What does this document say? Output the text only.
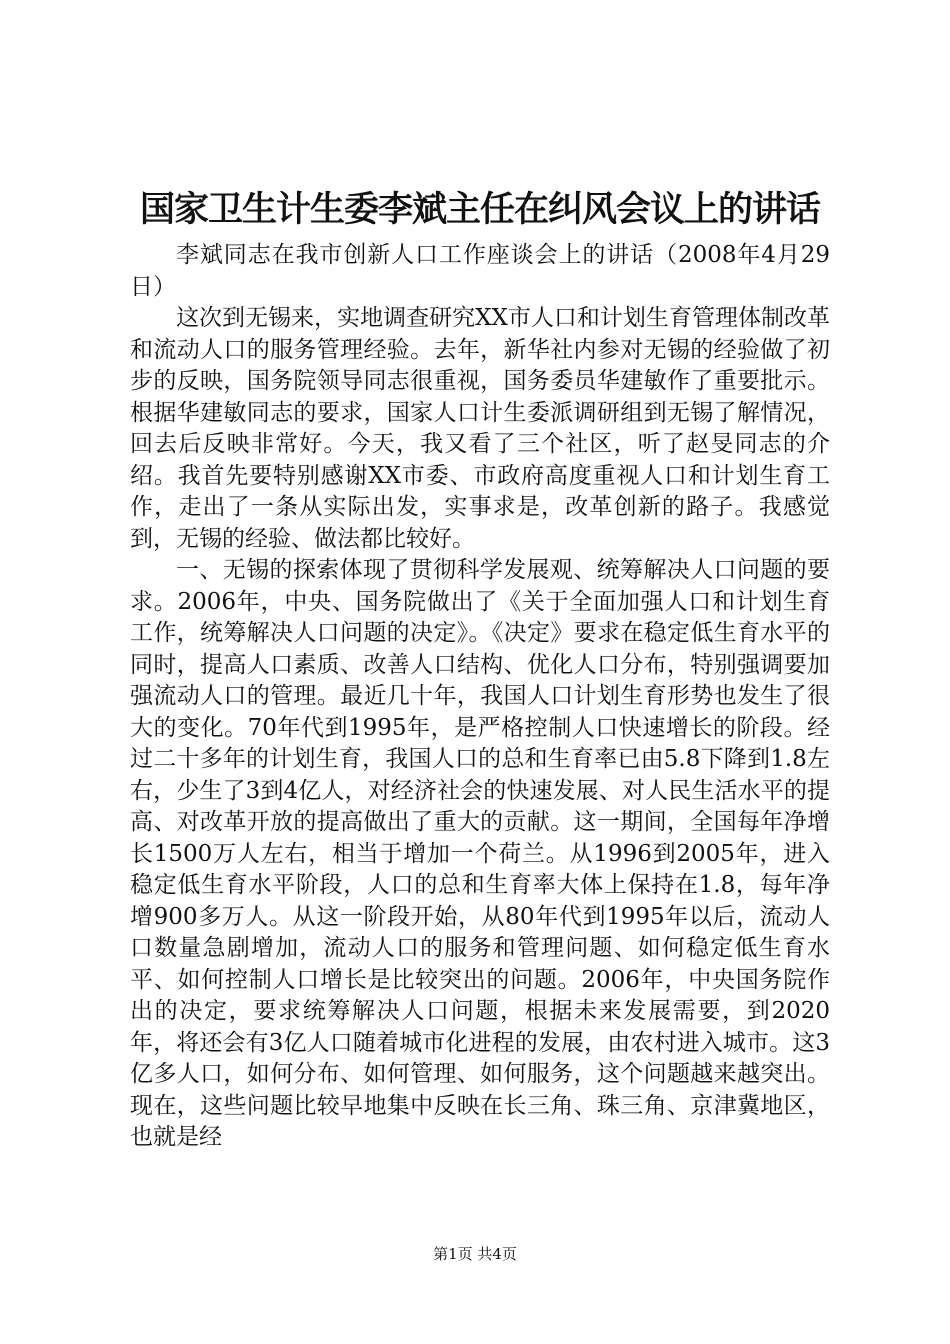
国家卫生计生委李斌主任在纠风会议上的讲话

李斌同志在我市创新人口工作座谈会上的讲话（2008年4月29日）

这次到无锡来，实地调查研究XX市人口和计划生育管理体制改革和流动人口的服务管理经验。去年，新华社内参对无锡的经验做了初步的反映，国务院领导同志很重视，国务委员华建敏作了重要批示。根据华建敏同志的要求，国家人口计生委派调研组到无锡了解情况，回去后反映非常好。今天，我又看了三个社区，听了赵旻同志的介绍。我首先要特别感谢XX市委、市政府高度重视人口和计划生育工作，走出了一条从实际出发，实事求是，改革创新的路子。我感觉到，无锡的经验、做法都比较好。

一、无锡的探索体现了贯彻科学发展观、统筹解决人口问题的要求。2006年，中央、国务院做出了《关于全面加强人口和计划生育工作，统筹解决人口问题的决定》。《决定》要求在稳定低生育水平的同时，提高人口素质、改善人口结构、优化人口分布，特别强调要加强流动人口的管理。最近几十年，我国人口计划生育形势也发生了很大的变化。70年代到1995年，是严格控制人口快速增长的阶段。经过二十多年的计划生育，我国人口的总和生育率已由5.8下降到1.8左右，少生了3到4亿人，对经济社会的快速发展、对人民生活水平的提高、对改革开放的提高做出了重大的贡献。这一期间，全国每年净增长1500万人左右，相当于增加一个荷兰。从1996到2005年，进入稳定低生育水平阶段，人口的总和生育率大体上保持在1.8，每年净增900多万人。从这一阶段开始，从80年代到1995年以后，流动人口数量急剧增加，流动人口的服务和管理问题、如何稳定低生育水平、如何控制人口增长是比较突出的问题。2006年，中央国务院作出的决定，要求统筹解决人口问题，根据未来发展需要，到2020年，将还会有3亿人口随着城市化进程的发展，由农村进入城市。这3亿多人口，如何分布、如何管理、如何服务，这个问题越来越突出。现在，这些问题比较早地集中反映在长三角、珠三角、京津冀地区，也就是经

第1页 共4页
